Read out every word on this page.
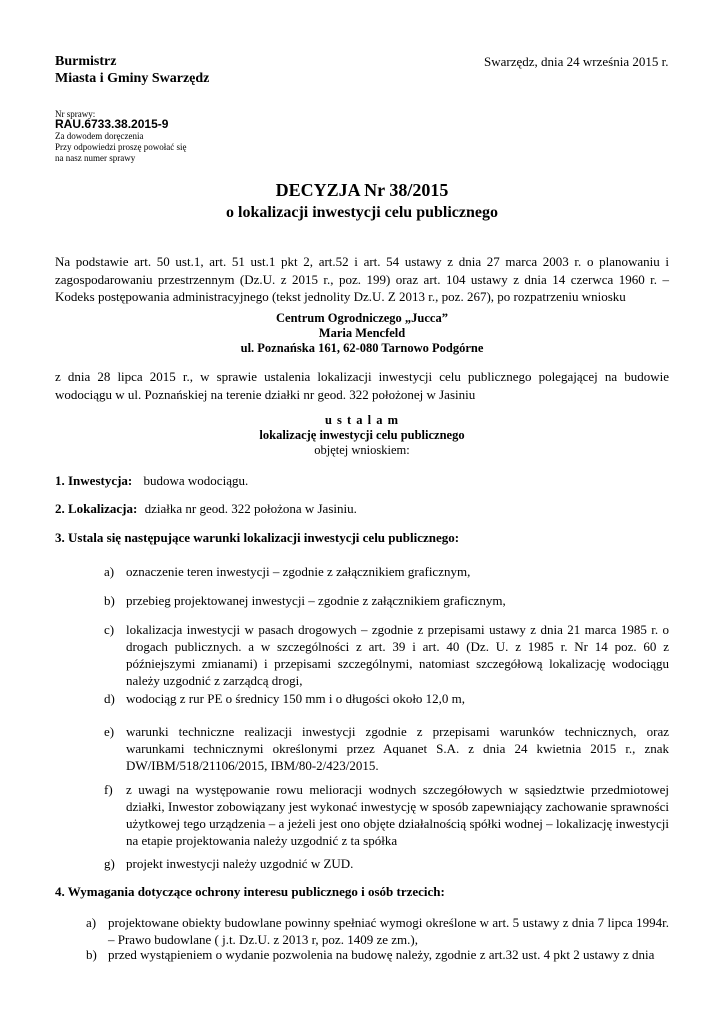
Burmistrz
Miasta i Gminy Swarzędz
Swarzędz, dnia 24 września 2015 r.
Nr sprawy:
RAU.6733.38.2015-9
Za dowodem doręczenia
Przy odpowiedzi proszę powołać się
na nasz numer sprawy
DECYZJA Nr 38/2015
o lokalizacji inwestycji celu publicznego
Na podstawie art. 50 ust.1, art. 51 ust.1 pkt 2, art.52 i art. 54 ustawy z dnia 27 marca 2003 r. o planowaniu i zagospodarowaniu przestrzennym (Dz.U. z 2015 r., poz. 199) oraz art. 104 ustawy z dnia 14 czerwca 1960 r. – Kodeks postępowania administracyjnego (tekst jednolity Dz.U. Z 2013 r., poz. 267), po rozpatrzeniu wniosku
Centrum Ogrodniczego „Jucca”
Maria Mencfeld
ul. Poznańska 161, 62-080 Tarnowo Podgórne
z dnia 28 lipca 2015 r., w sprawie ustalenia lokalizacji inwestycji celu publicznego polegającej na budowie wodociągu w ul. Poznańskiej na terenie działki nr geod. 322 położonej w Jasiniu
u s t a l a m
lokalizację inwestycji celu publicznego
objętej wnioskiem:
1. Inwestycja: budowa wodociągu.
2. Lokalizacja: działka nr geod. 322 położona w Jasiniu.
3. Ustala się następujące warunki lokalizacji inwestycji celu publicznego:
a) oznaczenie teren inwestycji – zgodnie z załącznikiem graficznym,
b) przebieg projektowanej inwestycji – zgodnie z załącznikiem graficznym,
c) lokalizacja inwestycji w pasach drogowych – zgodnie z przepisami ustawy z dnia 21 marca 1985 r. o drogach publicznych. a w szczególności z art. 39 i art. 40 (Dz. U. z 1985 r. Nr 14 poz. 60 z późniejszymi zmianami) i przepisami szczególnymi, natomiast szczegółową lokalizację wodociągu należy uzgodnić z zarządcą drogi,
d) wodociąg z rur PE o średnicy 150 mm i o długości około 12,0 m,
e) warunki techniczne realizacji inwestycji zgodnie z przepisami warunków technicznych, oraz warunkami technicznymi określonymi przez Aquanet S.A. z dnia 24 kwietnia 2015 r., znak DW/IBM/518/21106/2015, IBM/80-2/423/2015.
f) z uwagi na występowanie rowu melioracji wodnych szczegółowych w sąsiedztwie przedmiotowej działki, Inwestor zobowiązany jest wykonać inwestycję w sposób zapewniający zachowanie sprawności użytkowej tego urządzenia – a jeżeli jest ono objęte działalnością spółki wodnej – lokalizację inwestycji na etapie projektowania należy uzgodnić z ta spółka
g) projekt inwestycji należy uzgodnić w ZUD.
4. Wymagania dotyczące ochrony interesu publicznego i osób trzecich:
a) projektowane obiekty budowlane powinny spełniać wymogi określone w art. 5 ustawy z dnia 7 lipca 1994r. – Prawo budowlane ( j.t. Dz.U. z 2013 r, poz. 1409 ze zm.),
b) przed wystąpieniem o wydanie pozwolenia na budowę należy, zgodnie z art.32 ust. 4 pkt 2 ustawy z dnia
